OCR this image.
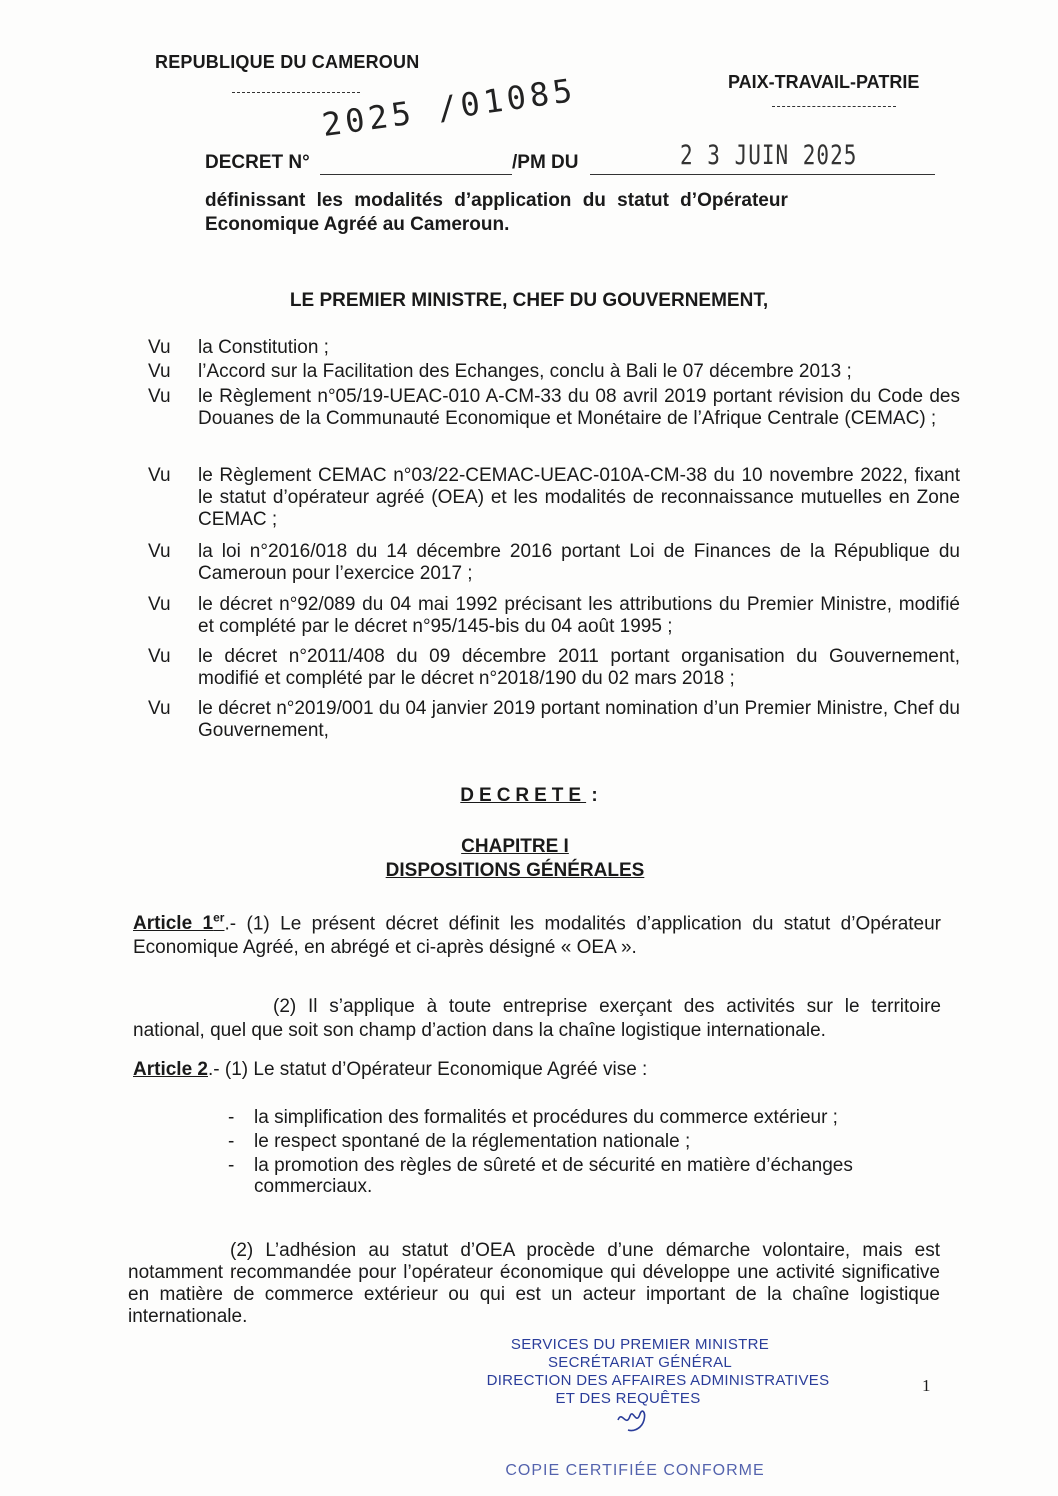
REPUBLIQUE DU CAMEROUN
PAIX-TRAVAIL-PATRIE
DECRET N°
2025 /01085
/PM DU	2 3 JUIN 2025
définissant les modalités d’application du statut d’Opérateur
Economique Agréé au Cameroun.
LE PREMIER MINISTRE, CHEF DU GOUVERNEMENT,
Vu	la Constitution ;
Vu	l’Accord sur la Facilitation des Echanges, conclu à Bali le 07 décembre 2013 ;
Vu	le Règlement n°05/19-UEAC-010 A-CM-33 du 08 avril 2019 portant révision du Code des Douanes de la Communauté Economique et Monétaire de l’Afrique Centrale (CEMAC) ;
Vu	le Règlement CEMAC n°03/22-CEMAC-UEAC-010A-CM-38 du 10 novembre 2022, fixant le statut d’opérateur agréé (OEA) et les modalités de reconnaissance mutuelles en Zone CEMAC ;
Vu	la loi n°2016/018 du 14 décembre 2016 portant Loi de Finances de la République du Cameroun pour l’exercice 2017 ;
Vu	le décret n°92/089 du 04 mai 1992 précisant les attributions du Premier Ministre, modifié et complété par le décret n°95/145-bis du 04 août 1995 ;
Vu	le décret n°2011/408 du 09 décembre 2011 portant organisation du Gouvernement, modifié et complété par le décret n°2018/190 du 02 mars 2018 ;
Vu	le décret n°2019/001 du 04 janvier 2019 portant nomination d’un Premier Ministre, Chef du Gouvernement,
DECRETE :
CHAPITRE I
DISPOSITIONS GÉNÉRALES
Article 1er.- (1) Le présent décret définit les modalités d’application du statut d’Opérateur Economique Agréé, en abrégé et ci-après désigné « OEA ».
(2) Il s’applique à toute entreprise exerçant des activités sur le territoire national, quel que soit son champ d’action dans la chaîne logistique internationale.
Article 2.- (1) Le statut d’Opérateur Economique Agréé vise :
- la simplification des formalités et procédures du commerce extérieur ;
- le respect spontané de la réglementation nationale ;
- la promotion des règles de sûreté et de sécurité en matière d’échanges commerciaux.
(2) L’adhésion au statut d’OEA procède d’une démarche volontaire, mais est notamment recommandée pour l’opérateur économique qui développe une activité significative en matière de commerce extérieur ou qui est un acteur important de la chaîne logistique internationale.
SERVICES DU PREMIER MINISTRE
SECRÉTARIAT GÉNÉRAL
DIRECTION DES AFFAIRES ADMINISTRATIVES
ET DES REQUÊTES
COPIE CERTIFIÉE CONFORME
1
